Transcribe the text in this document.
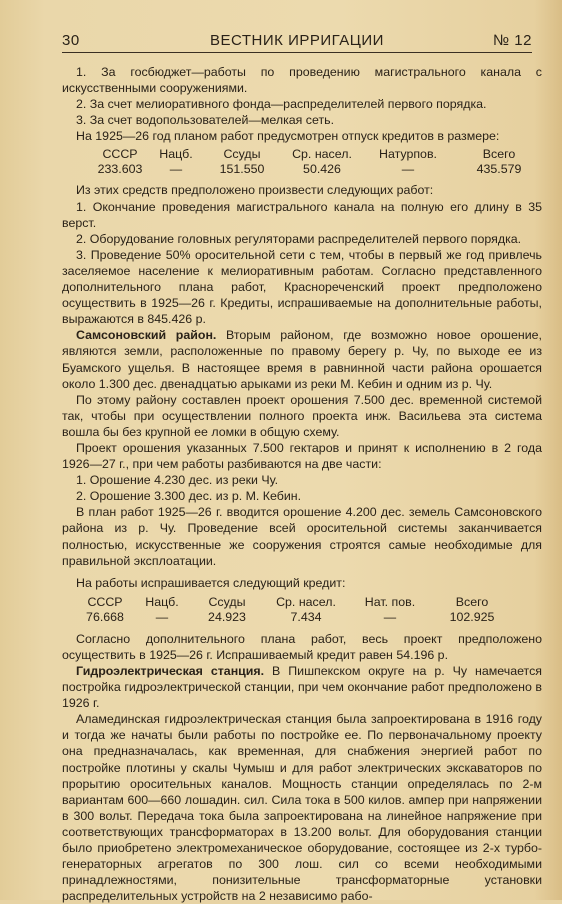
30	ВЕСТНИК ИРРИГАЦИИ	№ 12

1. За госбюджет—работы по проведению магистрального канала с искусственными сооружениями.

2. За счет мелиоративного фонда—распределителей первого порядка.

3. За счет водопользователей—мелкая сеть.

На 1925—26 год планом работ предусмотрен отпуск кредитов в размере:

СССР	Нацб.	Ссуды	Ср. насел.	Натурпов.	Всего
233.603	—	151.550	50.426	—	435.579

Из этих средств предположено произвести следующих работ:

1. Окончание проведения магистрального канала на полную его длину в 35 верст.

2. Оборудование головных регуляторами распределителей первого порядка.

3. Проведение 50% оросительной сети с тем, чтобы в первый же год привлечь заселяемое население к мелиоративным работам. Согласно представленного дополнительного плана работ, Краснореченский проект предположено осуществить в 1925—26 г. Кредиты, испрашиваемые на дополнительные работы, выражаются в 845.426 р.

Самсоновский район. Вторым районом, где возможно новое орошение, являются земли, расположенные по правому берегу р. Чу, по выходе ее из Буамского ущелья. В настоящее время в равнинной части района орошается около 1.300 дес. двенадцатью арыками из реки М. Кебин и одним из р. Чу.

По этому району составлен проект орошения 7.500 дес. временной системой так, чтобы при осуществлении полного проекта инж. Васильева эта система вошла бы без крупной ее ломки в общую схему.

Проект орошения указанных 7.500 гектаров и принят к исполнению в 2 года 1926—27 г., при чем работы разбиваются на две части:

1. Орошение 4.230 дес. из реки Чу.

2. Орошение 3.300 дес. из р. М. Кебин.

В план работ 1925—26 г. вводится орошение 4.200 дес. земель Самсоновского района из р. Чу. Проведение всей оросительной системы заканчивается полностью, искусственные же сооружения строятся самые необходимые для правильной эксплоатации.

На работы испрашивается следующий кредит:

СССР	Нацб.	Ссуды	Ср. насел.	Нат. пов.	Всего
76.668	—	24.923	7.434	—	102.925

Согласно дополнительного плана работ, весь проект предположено осуществить в 1925—26 г. Испрашиваемый кредит равен 54.196 р.

Гидроэлектрическая станция. В Пишпекском округе на р. Чу намечается постройка гидроэлектрической станции, при чем окончание работ предположено в 1926 г.

Аламединская гидроэлектрическая станция была запроектирована в 1916 году и тогда же начаты были работы по постройке ее. По первоначальному проекту она предназначалась, как временная, для снабжения энергией работ по постройке плотины у скалы Чумыш и для работ электрических экскаваторов по прорытию оросительных каналов. Мощность станции определялась по 2-м вариантам 600—660 лошадин. сил. Сила тока в 500 килов. ампер при напряжении в 300 вольт. Передача тока была запроектирована на линейное напряжение при соответствующих трансформаторах в 13.200 вольт. Для оборудования станции было приобретено электромеханическое оборудование, состоящее из 2-х турбо-генераторных агрегатов по 300 лош. сил со всеми необходимыми принадлежностями, понизительные трансформаторные установки распределительных устройств на 2 независимо рабо-
